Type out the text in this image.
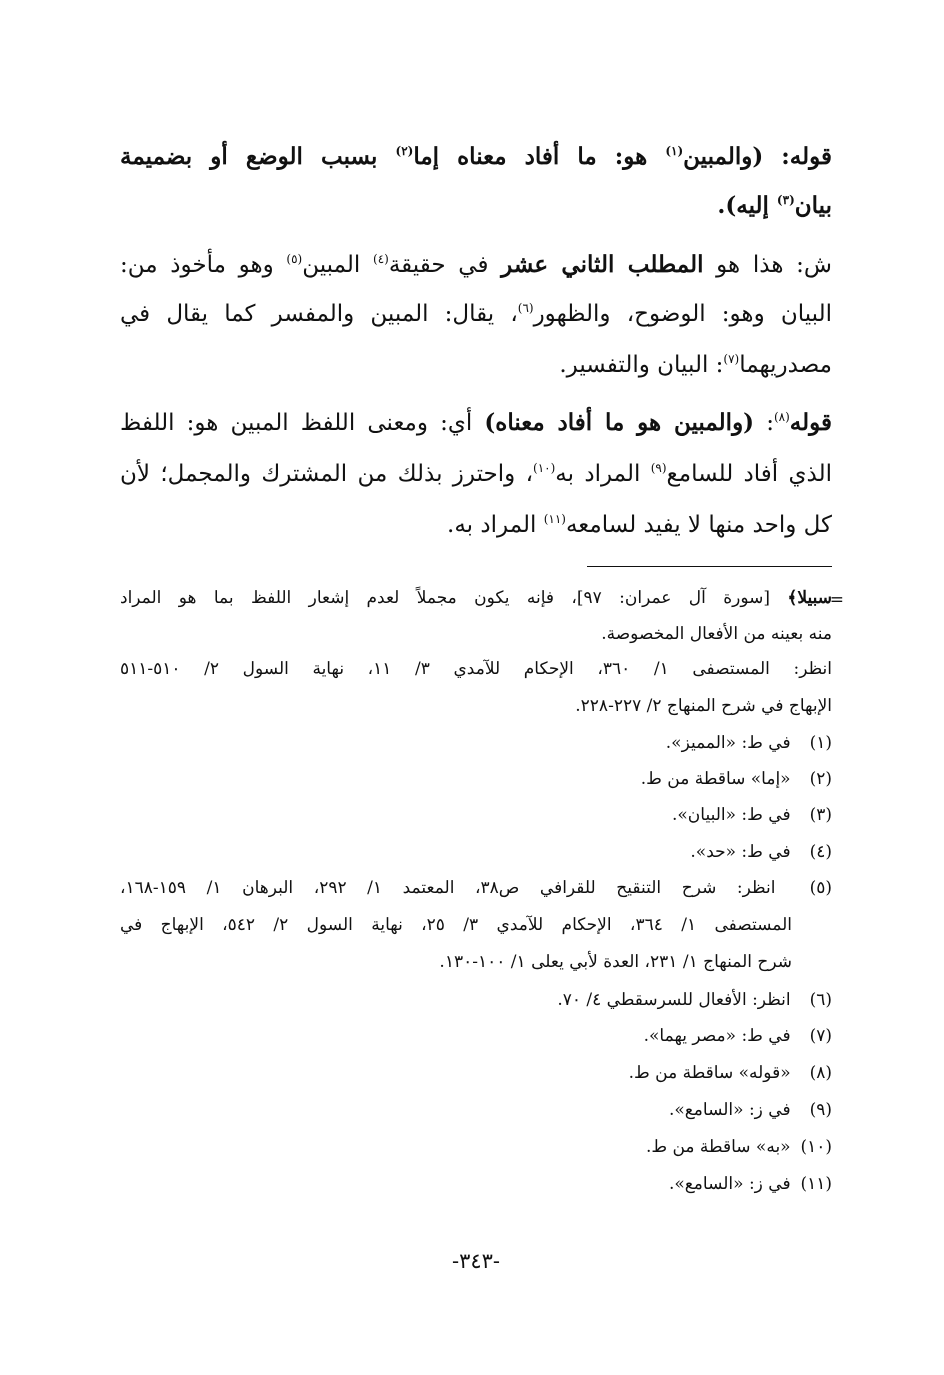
قوله: (والمبين$^{(١)}$ هو: ما أفاد معناه إما$^{(٢)}$ بسبب الوضع أو بضميمة
بيان$^{(٣)}$ إليه).
ش: هذا هو المطلب الثاني عشر في حقيقة$^{(٤)}$ المبين$^{(٥)}$ وهو مأخوذ من:
البيان وهو: الوضوح، والظهور$^{(٦)}$، يقال: المبين والمفسر كما يقال في
مصدريهما$^{(٧)}$: البيان والتفسير.
قوله$^{(٨)}$: (والمبين هو ما أفاد معناه) أي: ومعنى اللفظ المبين هو: اللفظ
الذي أفاد للسامع$^{(٩)}$ المراد به$^{(١٠)}$، واحترز بذلك من المشترك والمجمل؛ لأن
كل واحد منها لا يفيد لسامعه$^{(١١)}$ المراد به.
=
سبيلا﴾ [سورة آل عمران: ٩٧]، فإنه يكون مجملاً لعدم إشعار اللفظ بما هو المراد
منه بعينه من الأفعال المخصوصة.
انظر: المستصفى ١/ ٣٦٠، الإحكام للآمدي ٣/ ١١، نهاية السول ٢/ ٥١٠-٥١١
الإبهاج في شرح المنهاج ٢/ ٢٢٧-٢٢٨.
(١) في ط: «المميز».
(٢) «إما» ساقطة من ط.
(٣) في ط: «البيان».
(٤) في ط: «حد».
(٥) انظر: شرح التنقيح للقرافي ص٣٨، المعتمد ١/ ٢٩٢، البرهان ١/ ١٥٩-١٦٨،
المستصفى ١/ ٣٦٤، الإحكام للآمدي ٣/ ٢٥، نهاية السول ٢/ ٥٤٢، الإبهاج في
شرح المنهاج ١/ ٢٣١، العدة لأبي يعلى ١/ ١٠٠-١٣٠.
(٦) انظر: الأفعال للسرسقطي ٤/ ٧٠.
(٧) في ط: «مصر يهما».
(٨) «قوله» ساقطة من ط.
(٩) في ز: «السامع».
(١٠) «به» ساقطة من ط.
(١١) في ز: «السامع».
-٣٤٣-
